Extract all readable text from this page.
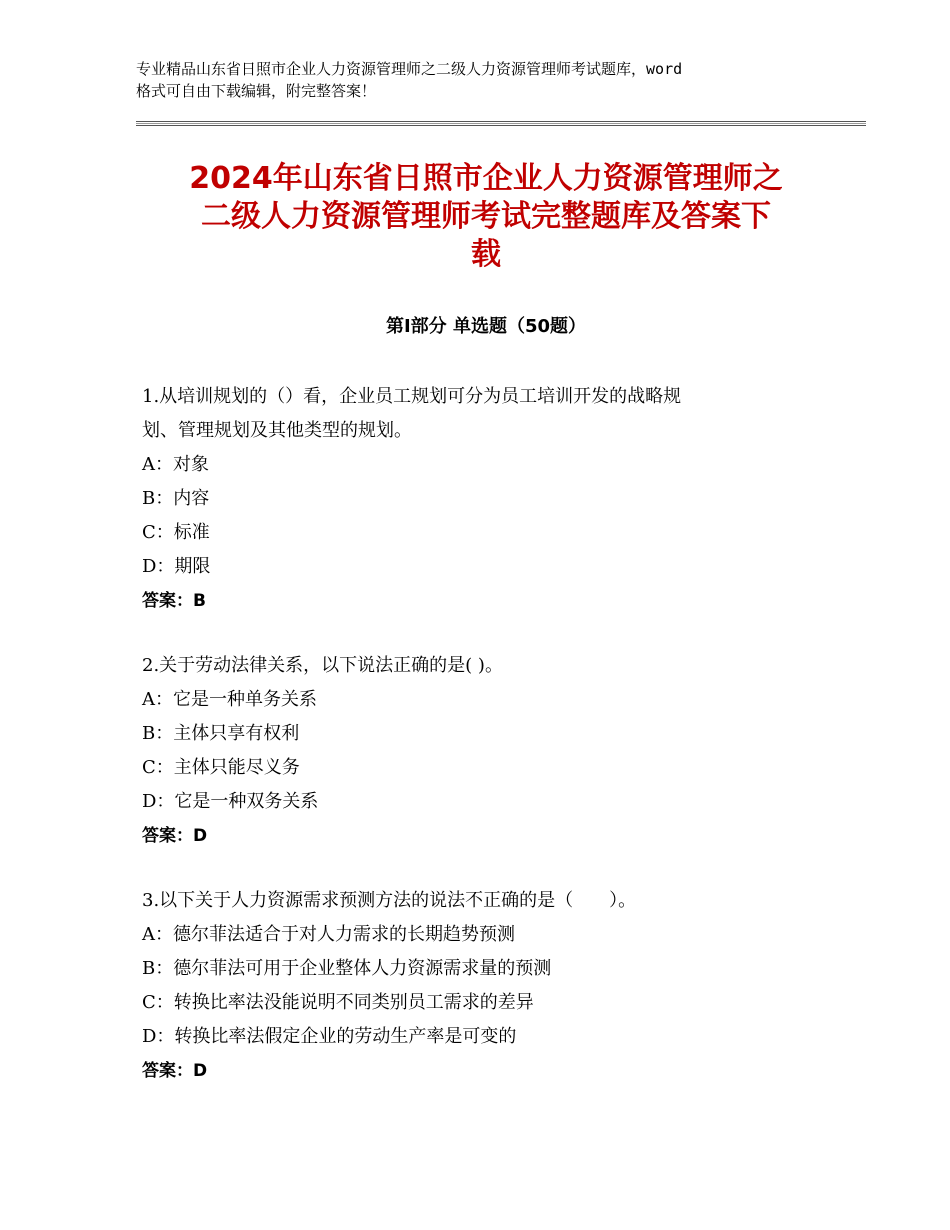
专业精品山东省日照市企业人力资源管理师之二级人力资源管理师考试题库，word
格式可自由下载编辑，附完整答案！
2024年山东省日照市企业人力资源管理师之
二级人力资源管理师考试完整题库及答案下
载
第Ⅰ部分 单选题（50题）

1.从培训规划的（）看，企业员工规划可分为员工培训开发的战略规
划、管理规划及其他类型的规划。

A：对象

B：内容

C：标准

D：期限

答案：B

2.关于劳动法律关系，以下说法正确的是( )。

A：它是一种单务关系

B：主体只享有权利

C：主体只能尽义务

D：它是一种双务关系

答案：D

3.以下关于人力资源需求预测方法的说法不正确的是（　　）。

A：德尔菲法适合于对人力需求的长期趋势预测

B：德尔菲法可用于企业整体人力资源需求量的预测

C：转换比率法没能说明不同类别员工需求的差异

D：转换比率法假定企业的劳动生产率是可变的

答案：D
